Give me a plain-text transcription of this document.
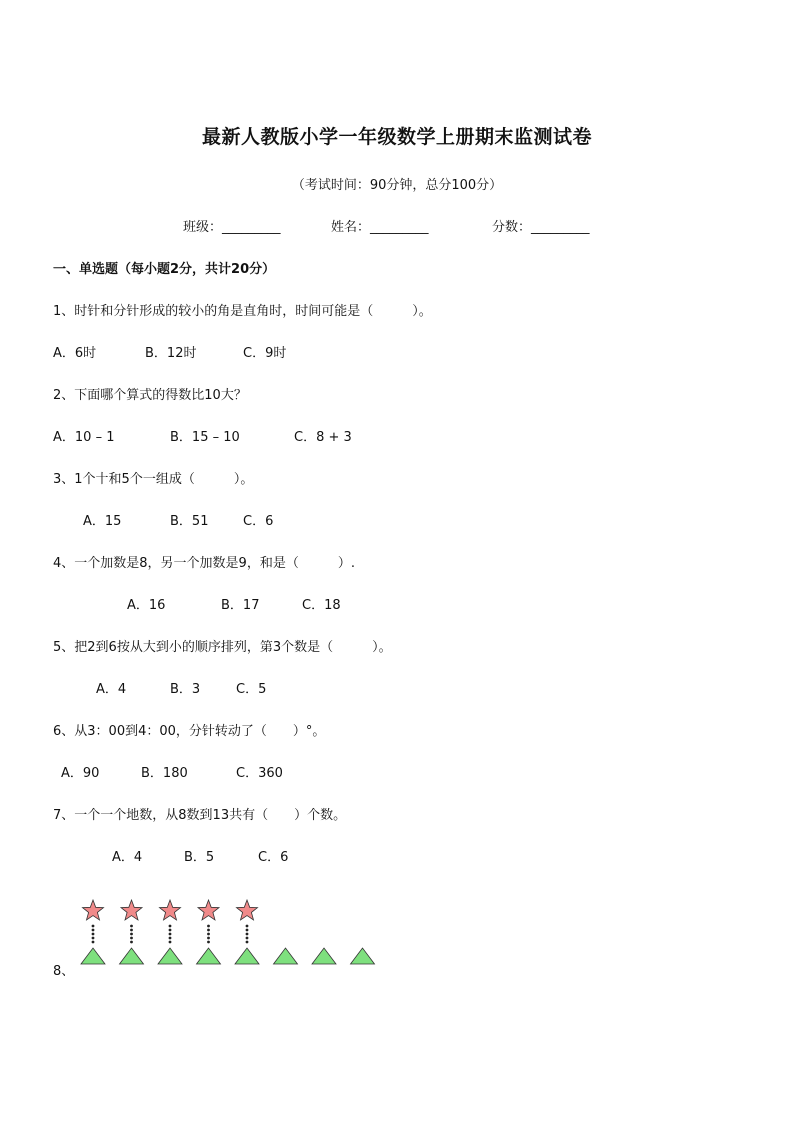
最新人教版小学一年级数学上册期末监测试卷
（考试时间：90分钟，总分100分）
班级：_________	姓名：_________	分数：_________
一、单选题（每小题2分，共计20分）
1、时针和分针形成的较小的角是直角时，时间可能是（　　　）。
A．6时	B．12时	C．9时
2、下面哪个算式的得数比10大？
A．10 – 1	B．15 – 10	C．8 + 3
3、1个十和5个一组成（　　　）。
A．15	B．51	C．6
4、一个加数是8，另一个加数是9，和是（　　　）.
A．16	B．17	C．18
5、把2到6按从大到小的顺序排列，第3个数是（　　　）。
A．4	B．3	C．5
6、从3：00到4：00，分针转动了（　　）°。
A．90	B．180	C．360
7、一个一个地数，从8数到13共有（　　）个数。
A．4	B．5	C．6
8、
